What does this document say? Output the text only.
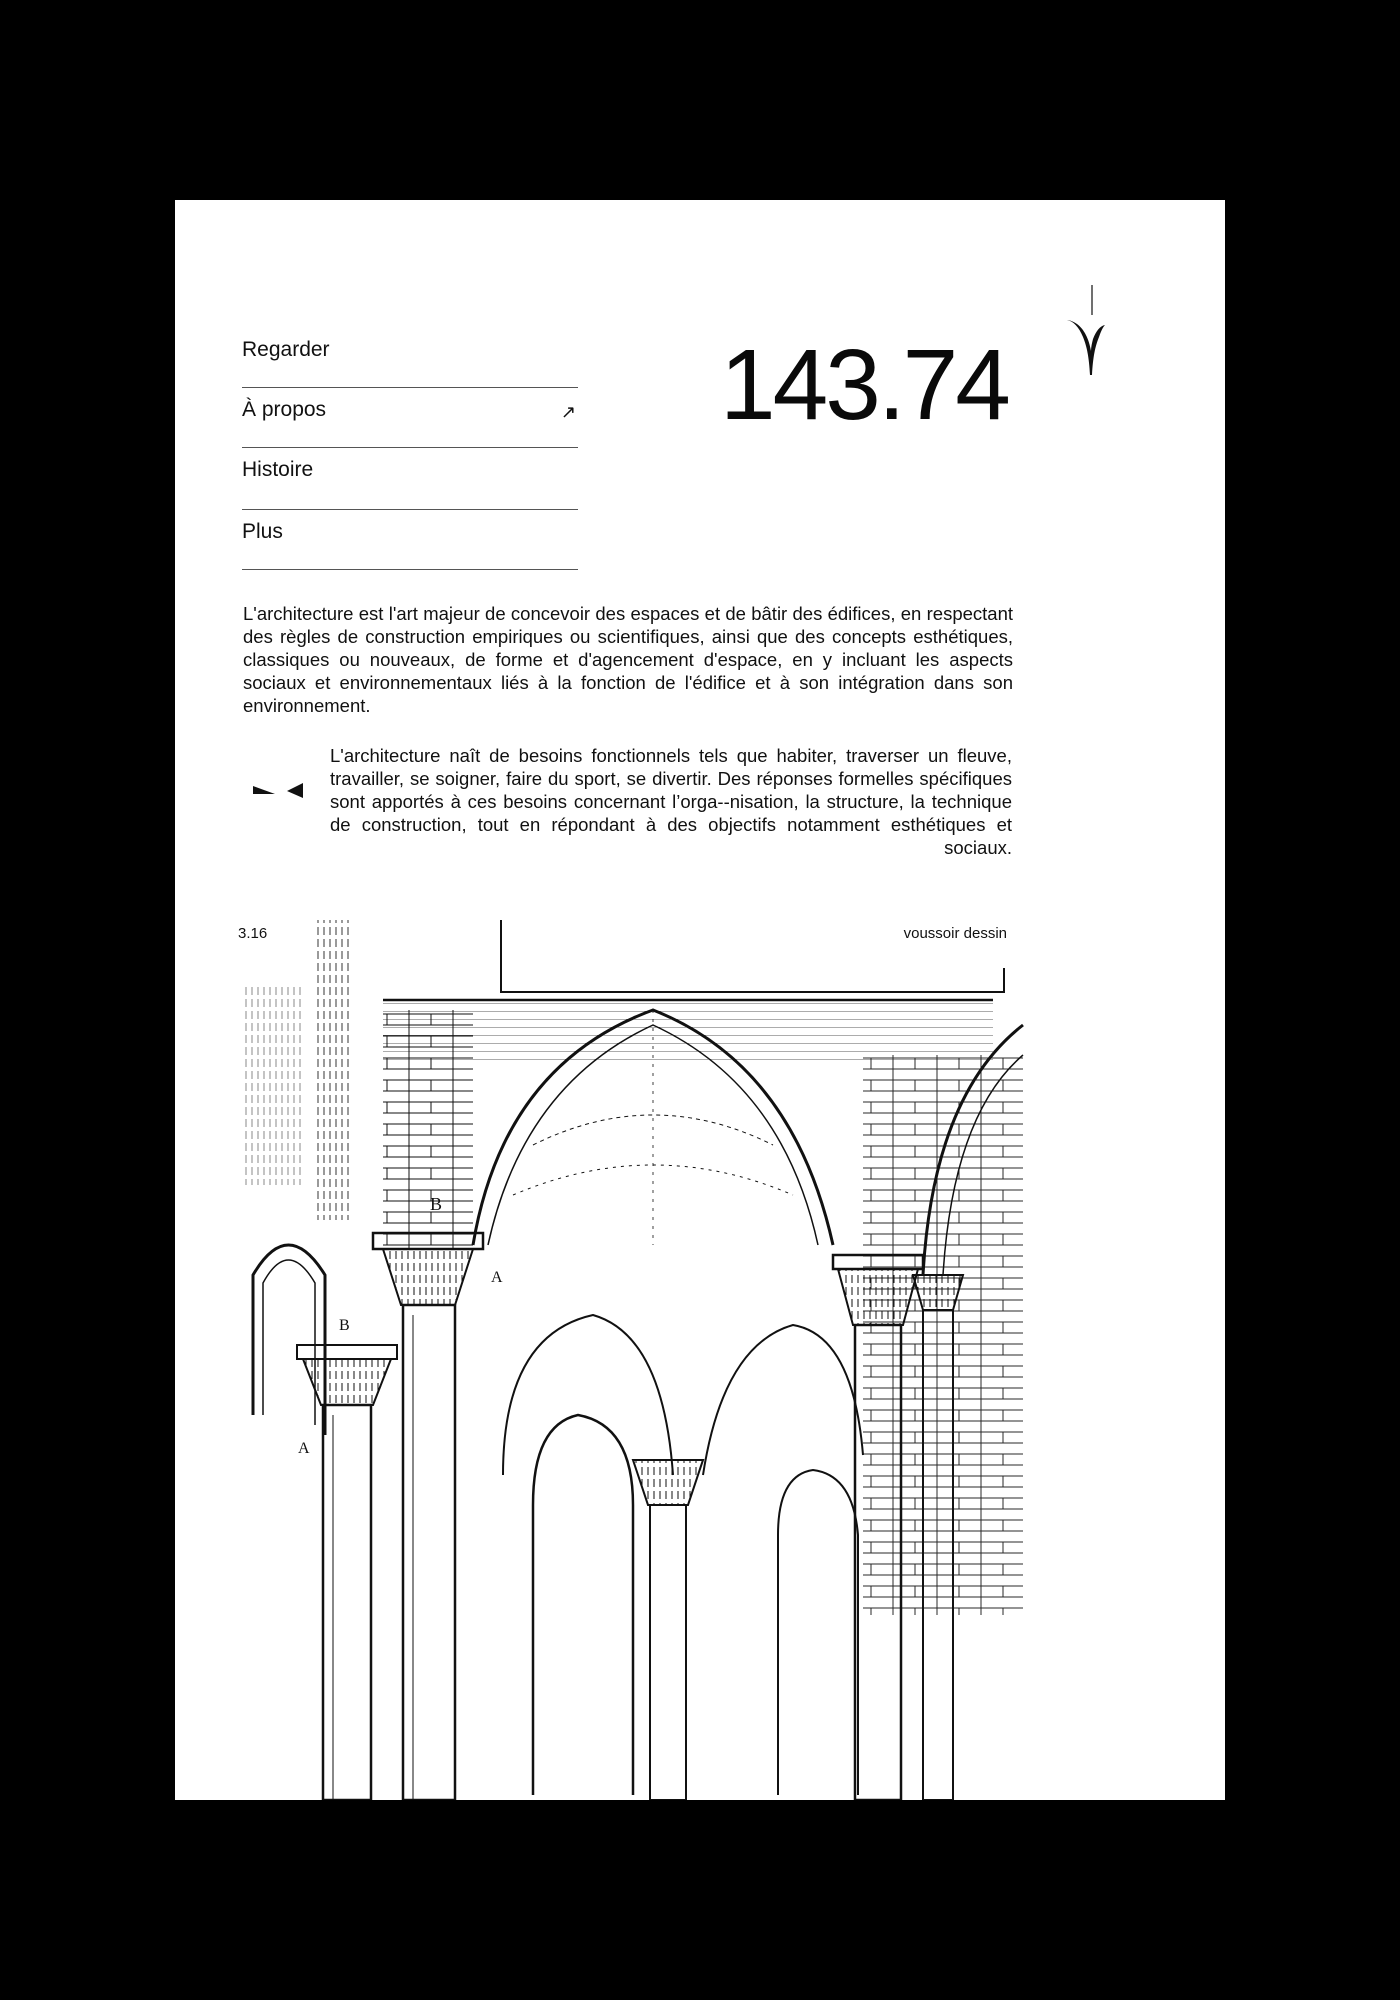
Regarder
À propos	↗
Histoire
Plus
143.74

L'architecture est l'art majeur de concevoir des espaces et de bâtir des édifices, en respectant des règles de construction empiriques ou scientifiques, ainsi que des concepts esthétiques, classiques ou nouveaux, de forme et d'agencement d'espace, en y incluant les aspects sociaux et environnementaux liés à la fonction de l'édifice et à son intégration dans son environnement.

L'architecture naît de besoins fonctionnels tels que habiter, traverser un fleuve, travailler, se soigner, faire du sport, se divertir. Des réponses formelles spécifiques sont apportés à ces besoins concernant l’orga--nisation, la structure, la technique de construction, tout en répondant à des objectifs notamment esthétiques et sociaux.

3.16	voussoir dessin
B
B
A
A
